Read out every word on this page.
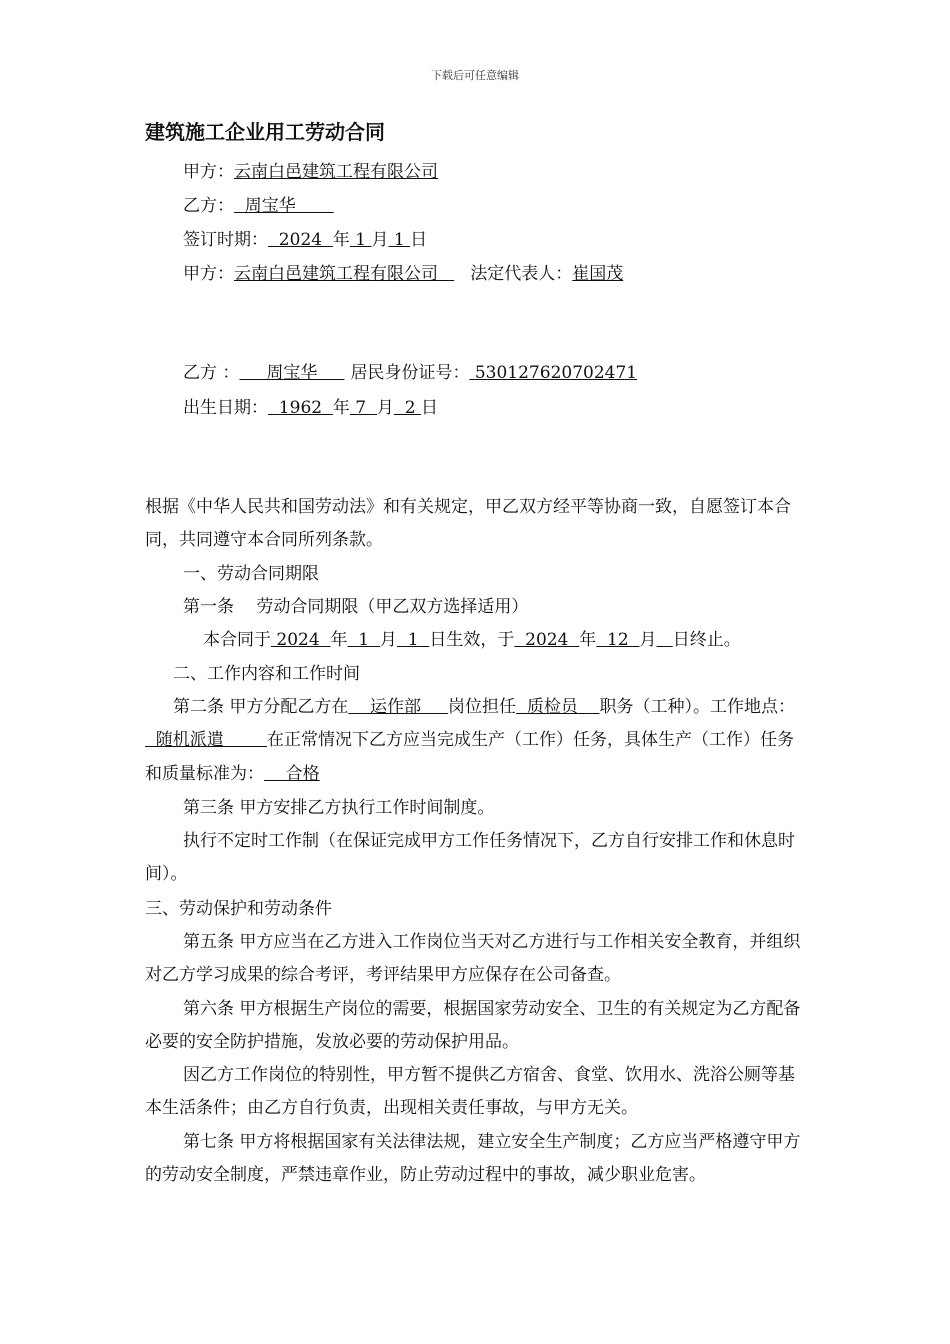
下载后可任意编辑
建筑施工企业用工劳动合同
甲方：云南白邑建筑工程有限公司
乙方：  周宝华
签订时期：  2024  年 1 月 1 日
甲方：云南白邑建筑工程有限公司   法定代表人：崔国茂
乙方 ：     周宝华     居民身份证号： 530127620702471
出生日期：  1962  年 7  月  2 日
根据《中华人民共和国劳动法》和有关规定，甲乙双方经平等协商一致，自愿签订本合同，共同遵守本合同所列条款。
一、劳动合同期限
第一条　 劳动合同期限（甲乙双方选择适用）
本合同于 2024  年  1  月  1  日生效，于  2024  年  12  月 日终止。
二、工作内容和工作时间
第二条 甲方分配乙方在    运作部     岗位担任  质检员    职务（工种）。工作地点：  随机派遣        在正常情况下乙方应当完成生产（工作）任务，具体生产（工作）任务和质量标准为：    合格
第三条 甲方安排乙方执行工作时间制度。
执行不定时工作制（在保证完成甲方工作任务情况下，乙方自行安排工作和休息时间）。
三、劳动保护和劳动条件
第五条 甲方应当在乙方进入工作岗位当天对乙方进行与工作相关安全教育，并组织对乙方学习成果的综合考评，考评结果甲方应保存在公司备查。
第六条 甲方根据生产岗位的需要，根据国家劳动安全、卫生的有关规定为乙方配备必要的安全防护措施，发放必要的劳动保护用品。
因乙方工作岗位的特别性，甲方暂不提供乙方宿舍、食堂、饮用水、洗浴公厕等基本生活条件；由乙方自行负责，出现相关责任事故，与甲方无关。
第七条 甲方将根据国家有关法律法规，建立安全生产制度；乙方应当严格遵守甲方的劳动安全制度，严禁违章作业，防止劳动过程中的事故，减少职业危害。
